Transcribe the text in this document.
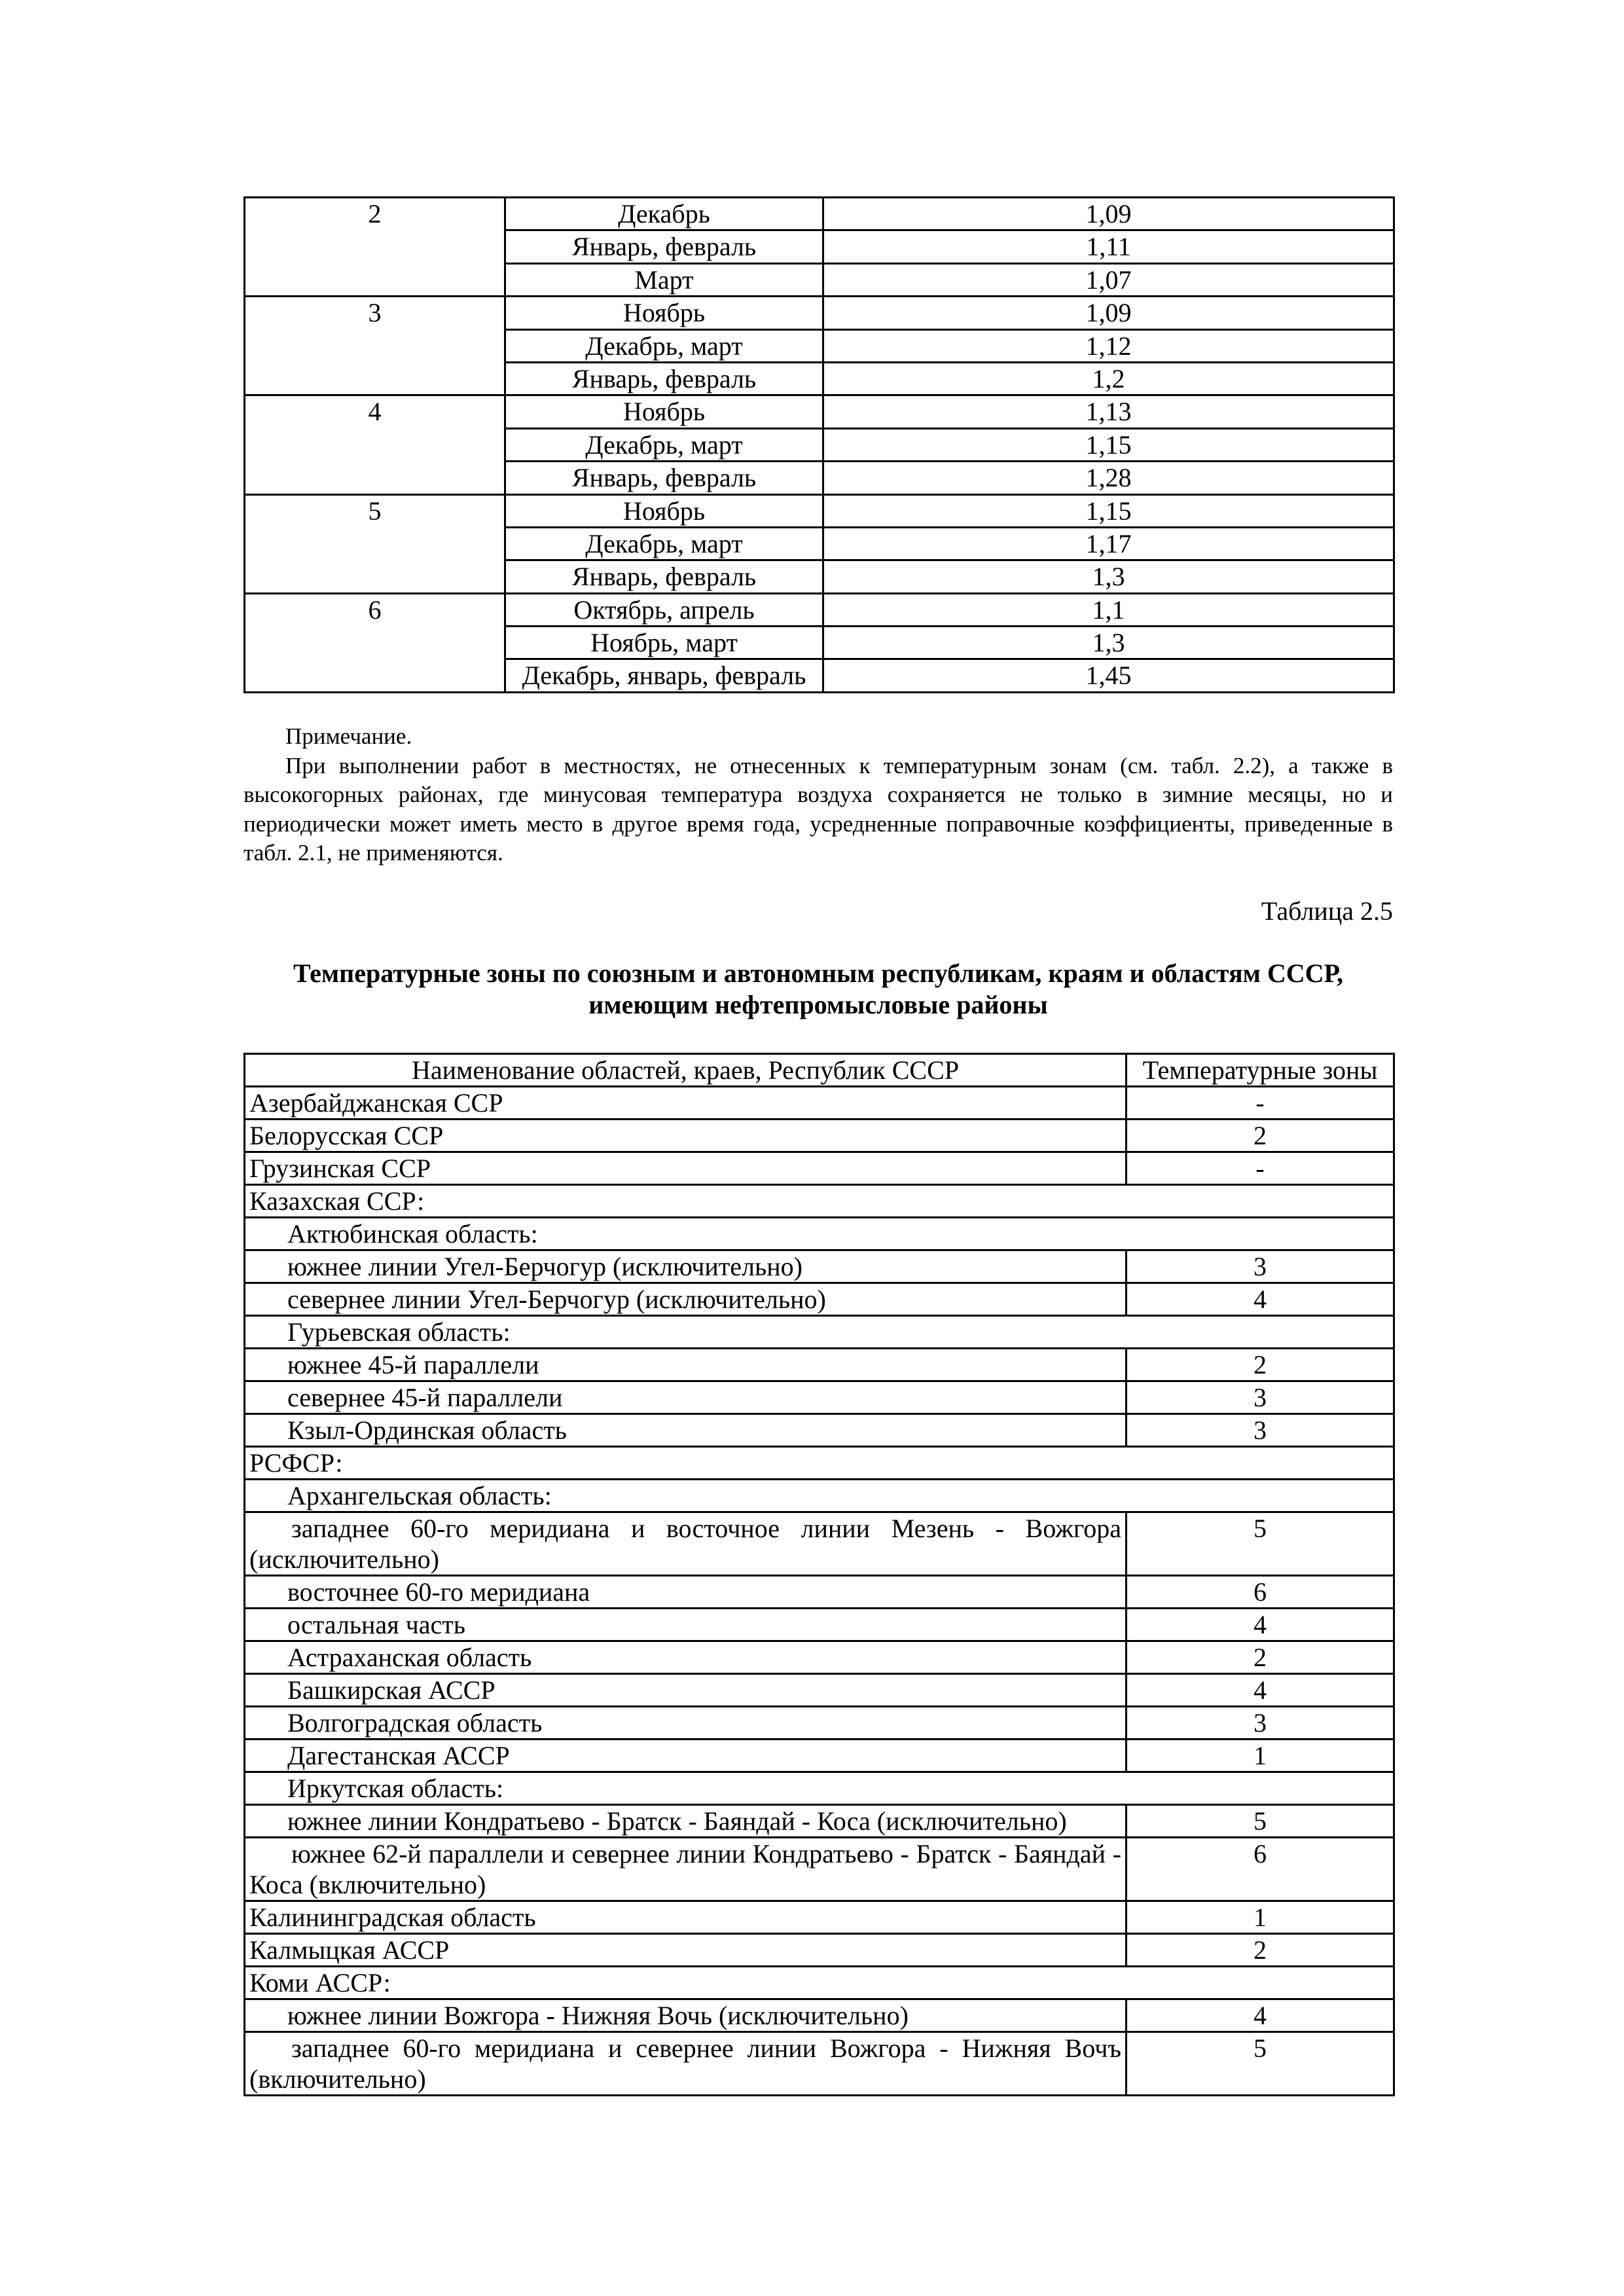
2	Декабрь	1,09
	Январь, февраль	1,11
	Март	1,07
3	Ноябрь	1,09
	Декабрь, март	1,12
	Январь, февраль	1,2
4	Ноябрь	1,13
	Декабрь, март	1,15
	Январь, февраль	1,28
5	Ноябрь	1,15
	Декабрь, март	1,17
	Январь, февраль	1,3
6	Октябрь, апрель	1,1
	Ноябрь, март	1,3
	Декабрь, январь, февраль	1,45

Примечание.

При выполнении работ в местностях, не отнесенных к температурным зонам (см. табл. 2.2), а также в высокогорных районах, где минусовая температура воздуха сохраняется не только в зимние месяцы, но и периодически может иметь место в другое время года, усредненные поправочные коэффициенты, приведенные в табл. 2.1, не применяются.

Таблица 2.5
Температурные зоны по союзным и автономным республикам, краям и областям СССР,
имеющим нефтепромысловые районы
Наименование областей, краев, Республик СССР	Температурные зоны
Азербайджанская ССР	-
Белорусская ССР	2
Грузинская ССР	-
Казахская ССР:	
Актюбинская область:	
южнее линии Угел-Берчогур (исключительно)	3
севернее линии Угел-Берчогур (исключительно)	4
Гурьевская область:	
южнее 45-й параллели	2
севернее 45-й параллели	3
Кзыл-Ординская область	3
РСФСР:	
Архангельская область:	
западнее 60-го меридиана и восточное линии Мезень - Вожгора (исключительно)	5
восточнее 60-го меридиана	6
остальная часть	4
Астраханская область	2
Башкирская АССР	4
Волгоградская область	3
Дагестанская АССР	1
Иркутская область:	
южнее линии Кондратьево - Братск - Баяндай - Коса (исключительно)	5
южнее 62-й параллели и севернее линии Кондратьево - Братск - Баяндай - Коса (включительно)	6
Калининградская область	1
Калмыцкая АССР	2
Коми АССР:	
южнее линии Вожгора - Нижняя Вочь (исключительно)	4
западнее 60-го меридиана и севернее линии Вожгора - Нижняя Вочъ (включительно)	5
